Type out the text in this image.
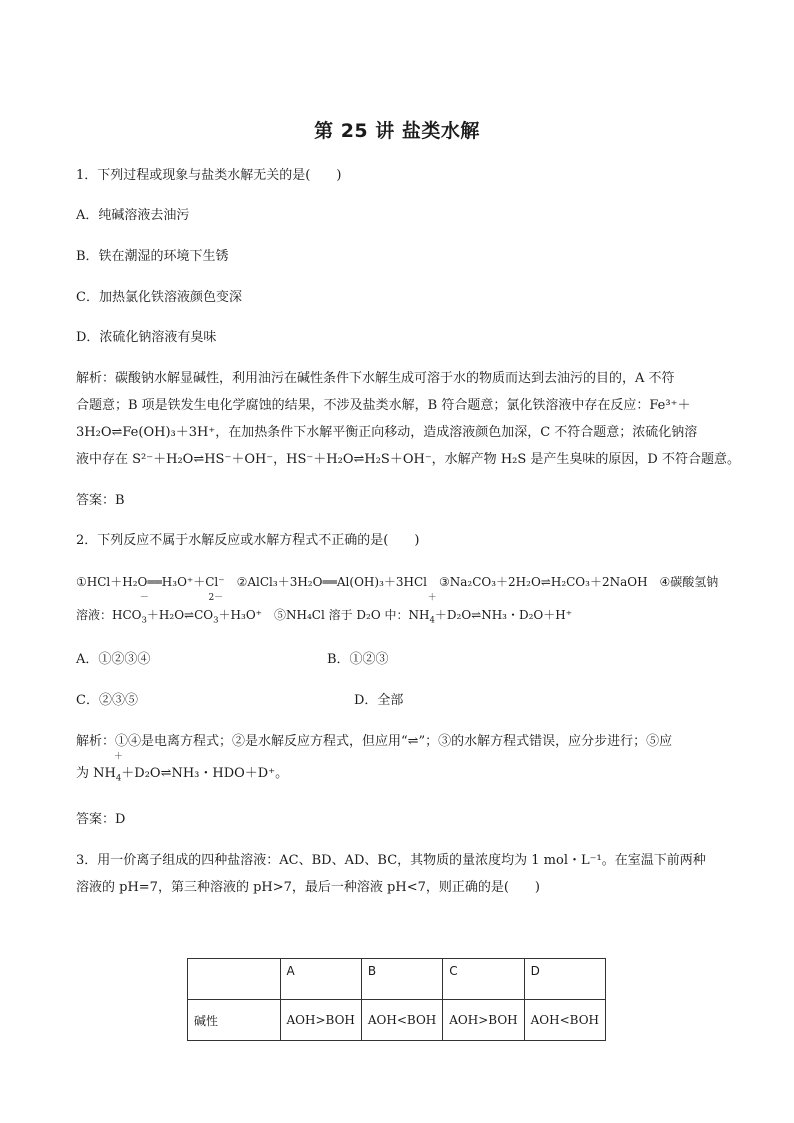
第 25 讲 盐类水解
1．下列过程或现象与盐类水解无关的是(　　)
A．纯碱溶液去油污
B．铁在潮湿的环境下生锈
C．加热氯化铁溶液颜色变深
D．浓硫化钠溶液有臭味
解析：碳酸钠水解显碱性，利用油污在碱性条件下水解生成可溶于水的物质而达到去油污的目的，A 不符
合题意；B 项是铁发生电化学腐蚀的结果，不涉及盐类水解，B 符合题意；氯化铁溶液中存在反应：Fe³⁺＋
3H₂O⇌Fe(OH)₃＋3H⁺，在加热条件下水解平衡正向移动，造成溶液颜色加深，C 不符合题意；浓硫化钠溶
液中存在 S²⁻＋H₂O⇌HS⁻＋OH⁻，HS⁻＋H₂O⇌H₂S＋OH⁻，水解产物 H₂S 是产生臭味的原因，D 不符合题意。
答案：B
2．下列反应不属于水解反应或水解方程式不正确的是(　　)
①HCl＋H₂O══H₃O⁺＋Cl⁻　②AlCl₃＋3H₂O══Al(OH)₃＋3HCl　③Na₂CO₃＋2H₂O⇌H₂CO₃＋2NaOH　④碳酸氢钠
溶液：HCO
－
$_3$＋H₂O⇌CO
2－
$_3$＋H₃O⁺　⑤NH₄Cl 溶于 D₂O 中：NH
＋
$_4$＋D₂O⇌NH₃・D₂O＋H⁺
A．①②③④	B．①②③
C．②③⑤	D．全部
解析：①④是电离方程式；②是水解反应方程式，但应用“⇌”；③的水解方程式错误，应分步进行；⑤应
为 NH
＋
$_4$＋D₂O⇌NH₃・HDO＋D⁺。
答案：D
3．用一价离子组成的四种盐溶液：AC、BD、AD、BC，其物质的量浓度均为 1 mol・L⁻¹。在室温下前两种
溶液的 pH=7，第三种溶液的 pH>7，最后一种溶液 pH<7，则正确的是(　　)
	A	B	C	D
碱性	AOH>BOH	AOH<BOH	AOH>BOH	AOH<BOH
